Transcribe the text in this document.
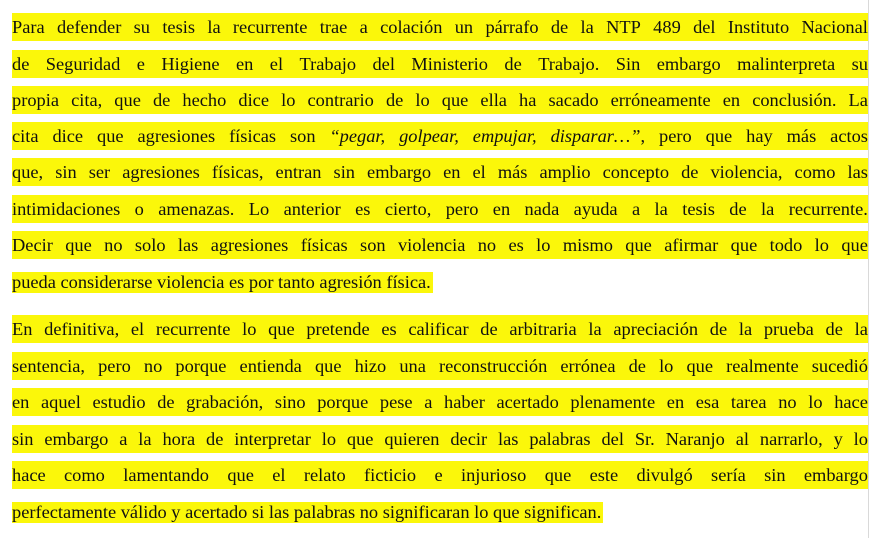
Para defender su tesis la recurrente trae a colación un párrafo de la NTP 489 del Instituto Nacional
de Seguridad e Higiene en el Trabajo del Ministerio de Trabajo. Sin embargo malinterpreta su
propia cita, que de hecho dice lo contrario de lo que ella ha sacado erróneamente en conclusión. La
cita dice que agresiones físicas son “pegar, golpear, empujar, disparar…”, pero que hay más actos
que, sin ser agresiones físicas, entran sin embargo en el más amplio concepto de violencia, como las
intimidaciones o amenazas. Lo anterior es cierto, pero en nada ayuda a la tesis de la recurrente.
Decir que no solo las agresiones físicas son violencia no es lo mismo que afirmar que todo lo que
pueda considerarse violencia es por tanto agresión física.
En definitiva, el recurrente lo que pretende es calificar de arbitraria la apreciación de la prueba de la
sentencia, pero no porque entienda que hizo una reconstrucción errónea de lo que realmente sucedió
en aquel estudio de grabación, sino porque pese a haber acertado plenamente en esa tarea no lo hace
sin embargo a la hora de interpretar lo que quieren decir las palabras del Sr. Naranjo al narrarlo, y lo
hace como lamentando que el relato ficticio e injurioso que este divulgó sería sin embargo
perfectamente válido y acertado si las palabras no significaran lo que significan.
